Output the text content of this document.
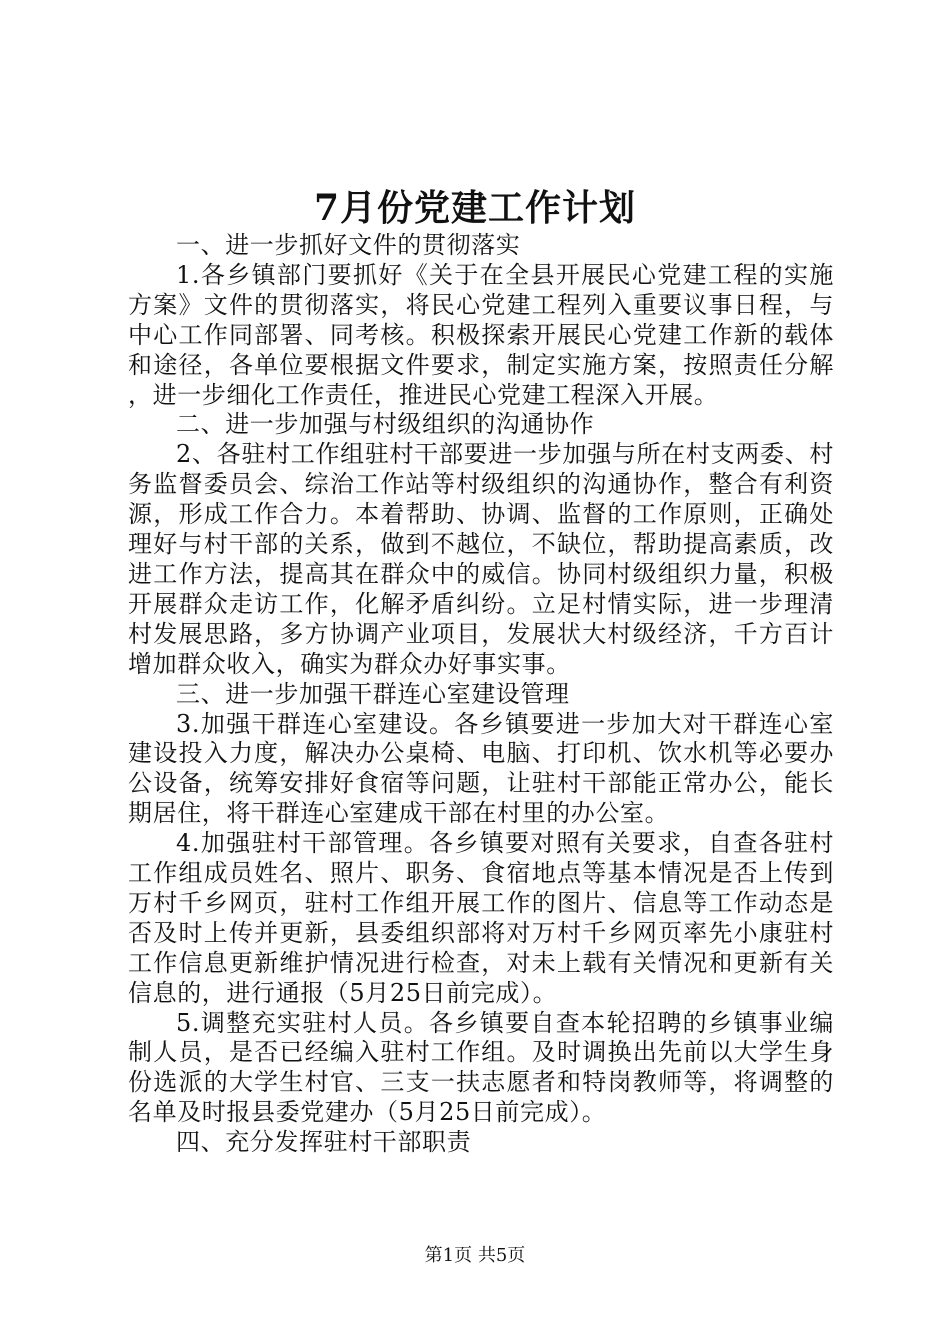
7月份党建工作计划

一、进一步抓好文件的贯彻落实

1.各乡镇部门要抓好《关于在全县开展民心党建工程的实施方案》文件的贯彻落实，将民心党建工程列入重要议事日程，与中心工作同部署、同考核。积极探索开展民心党建工作新的载体和途径，各单位要根据文件要求，制定实施方案，按照责任分解，进一步细化工作责任，推进民心党建工程深入开展。

二、进一步加强与村级组织的沟通协作

2、各驻村工作组驻村干部要进一步加强与所在村支两委、村务监督委员会、综治工作站等村级组织的沟通协作，整合有利资源，形成工作合力。本着帮助、协调、监督的工作原则，正确处理好与村干部的关系，做到不越位，不缺位，帮助提高素质，改进工作方法，提高其在群众中的威信。协同村级组织力量，积极开展群众走访工作，化解矛盾纠纷。立足村情实际，进一步理清村发展思路，多方协调产业项目，发展状大村级经济，千方百计增加群众收入，确实为群众办好事实事。

三、进一步加强干群连心室建设管理

3.加强干群连心室建设。各乡镇要进一步加大对干群连心室建设投入力度，解决办公桌椅、电脑、打印机、饮水机等必要办公设备，统筹安排好食宿等问题，让驻村干部能正常办公，能长期居住，将干群连心室建成干部在村里的办公室。

4.加强驻村干部管理。各乡镇要对照有关要求，自查各驻村工作组成员姓名、照片、职务、食宿地点等基本情况是否上传到万村千乡网页，驻村工作组开展工作的图片、信息等工作动态是否及时上传并更新，县委组织部将对万村千乡网页率先小康驻村工作信息更新维护情况进行检查，对未上载有关情况和更新有关信息的，进行通报（5月25日前完成）。

5.调整充实驻村人员。各乡镇要自查本轮招聘的乡镇事业编制人员，是否已经编入驻村工作组。及时调换出先前以大学生身份选派的大学生村官、三支一扶志愿者和特岗教师等，将调整的名单及时报县委党建办（5月25日前完成）。

四、充分发挥驻村干部职责

第1页 共5页
